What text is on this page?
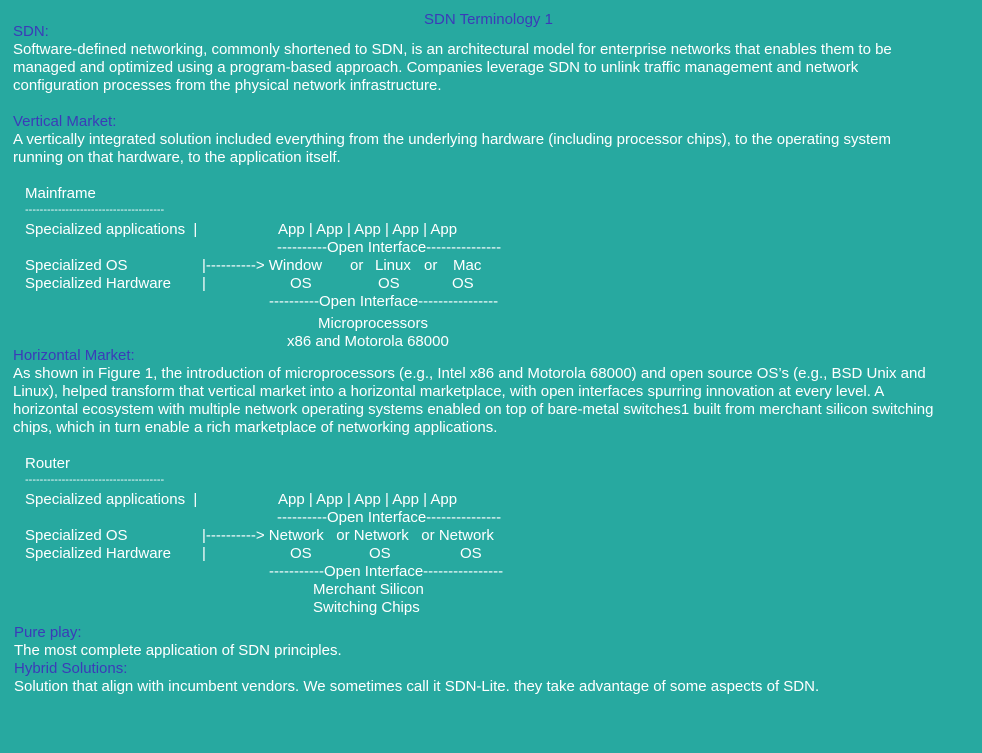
SDN Terminology 1
SDN:
Software-defined networking, commonly shortened to SDN, is an architectural model for enterprise networks that enables them to be managed and optimized using a program-based approach. Companies leverage SDN to unlink traffic management and network configuration processes from the physical network infrastructure.
Vertical Market:
A vertically integrated solution included everything from the underlying hardware (including processor chips), to the operating system running on that hardware, to the application itself.
Mainframe
--------------------------------------
Specialized applications  |	App | App | App | App | App
----------Open Interface---------------
Specialized OS	|----------> Window or Linux or Mac
Specialized Hardware |	OS	OS	OS
----------Open Interface----------------
Microprocessors
x86 and Motorola 68000
Horizontal Market:
As shown in Figure 1, the introduction of microprocessors (e.g., Intel x86 and Motorola 68000) and open source OS’s (e.g., BSD Unix and Linux), helped transform that vertical market into a horizontal marketplace, with open interfaces spurring innovation at every level. A horizontal ecosystem with multiple network operating systems enabled on top of bare-metal switches1 built from merchant silicon switching chips, which in turn enable a rich marketplace of networking applications.
Router
--------------------------------------
Specialized applications  |	App | App | App | App | App
----------Open Interface---------------
Specialized OS	|----------> Network   or Network   or Network
Specialized Hardware |	OS	OS	OS
-----------Open Interface----------------
Merchant Silicon
Switching Chips
Pure play:
The most complete application of SDN principles.
Hybrid Solutions:
Solution that align with incumbent vendors. We sometimes call it SDN-Lite. they take advantage of some aspects of SDN.
